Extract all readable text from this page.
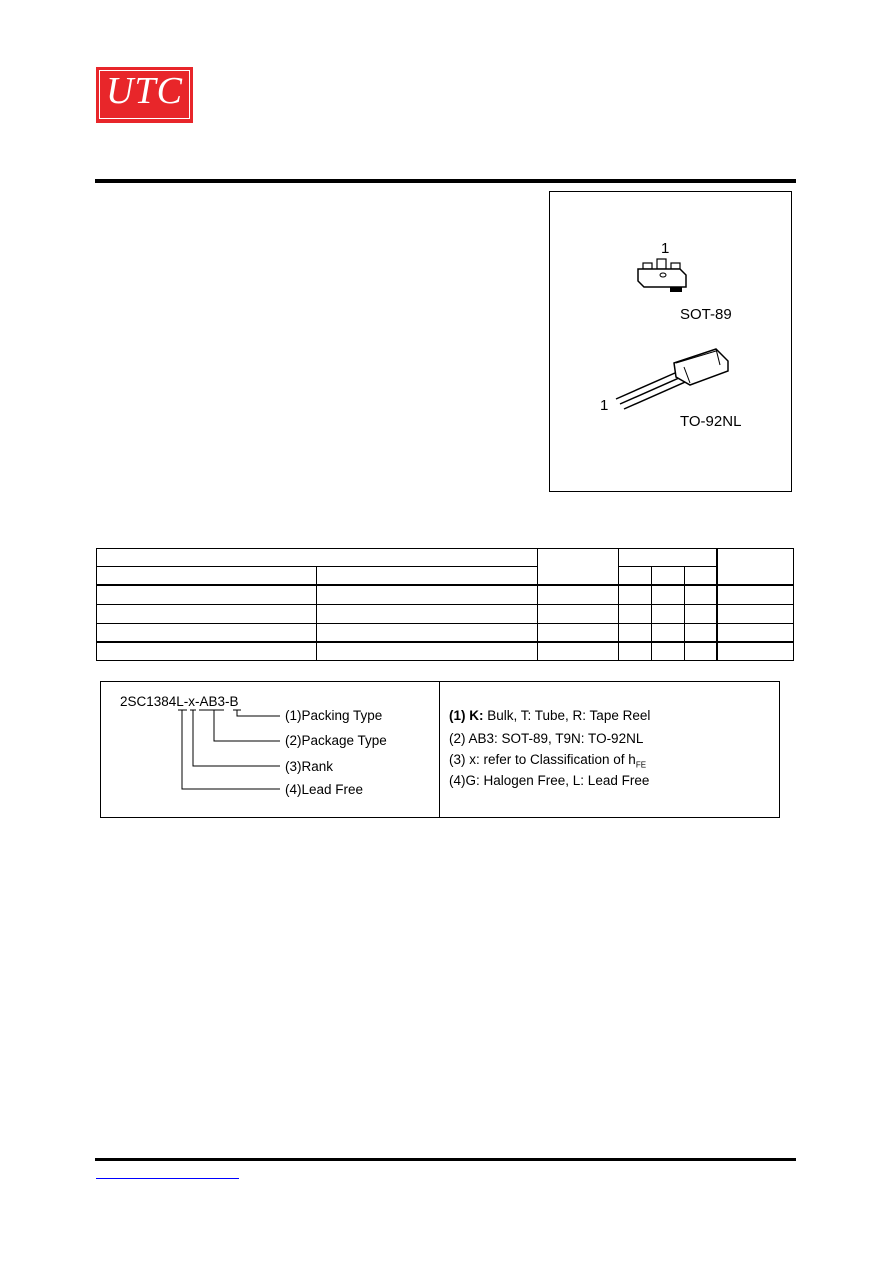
UTC
1
SOT-89
1
TO-92NL
2SC1384L-x-AB3-B
(1)Packing Type
(2)Package Type
(3)Rank
(4)Lead Free
(1) K: Bulk, T: Tube, R: Tape Reel
(2) AB3: SOT-89, T9N: TO-92NL
(3) x: refer to Classification of $h_{FE}$
(4)G: Halogen Free, L: Lead Free
